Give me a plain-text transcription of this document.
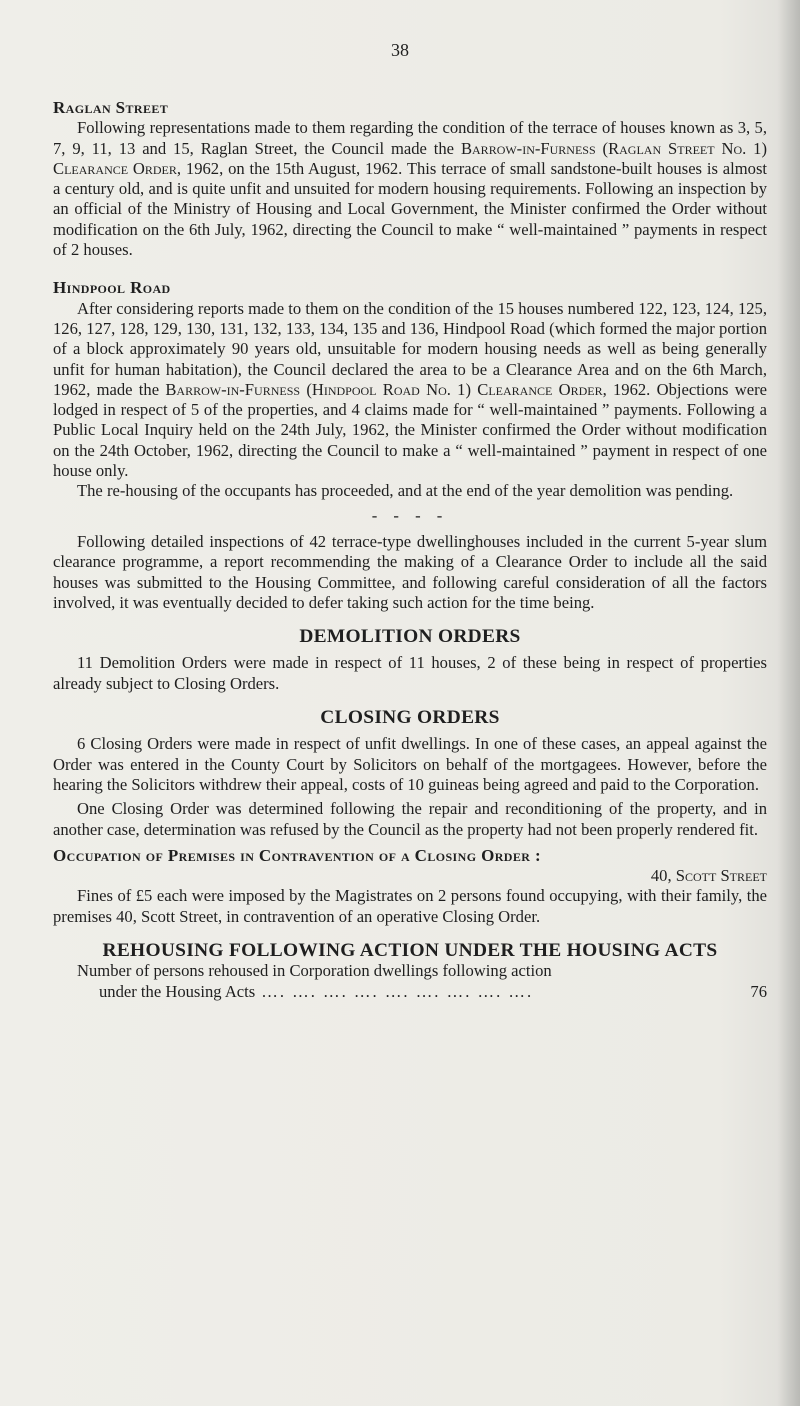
38
Raglan Street

Following representations made to them regarding the condition of the terrace of houses known as 3, 5, 7, 9, 11, 13 and 15, Raglan Street, the Council made the Barrow-in-Furness (Raglan Street No. 1) Clearance Order, 1962, on the 15th August, 1962. This terrace of small sandstone-built houses is almost a century old, and is quite unfit and unsuited for modern housing requirements. Following an inspection by an official of the Ministry of Housing and Local Government, the Minister confirmed the Order without modification on the 6th July, 1962, directing the Council to make “ well-maintained ” payments in respect of 2 houses.

Hindpool Road

After considering reports made to them on the condition of the 15 houses numbered 122, 123, 124, 125, 126, 127, 128, 129, 130, 131, 132, 133, 134, 135 and 136, Hindpool Road (which formed the major portion of a block approximately 90 years old, unsuitable for modern housing needs as well as being generally unfit for human habitation), the Council declared the area to be a Clearance Area and on the 6th March, 1962, made the Barrow-in-Furness (Hindpool Road No. 1) Clearance Order, 1962. Objections were lodged in respect of 5 of the properties, and 4 claims made for “ well-maintained ” payments. Following a Public Local Inquiry held on the 24th July, 1962, the Minister confirmed the Order without modification on the 24th October, 1962, directing the Council to make a “ well-maintained ” payment in respect of one house only.

The re-housing of the occupants has proceeded, and at the end of the year demolition was pending.

- - - -

Following detailed inspections of 42 terrace-type dwellinghouses included in the current 5-year slum clearance programme, a report recommending the making of a Clearance Order to include all the said houses was submitted to the Housing Committee, and following careful consideration of all the factors involved, it was eventually decided to defer taking such action for the time being.

DEMOLITION ORDERS

11 Demolition Orders were made in respect of 11 houses, 2 of these being in respect of properties already subject to Closing Orders.

CLOSING ORDERS

6 Closing Orders were made in respect of unfit dwellings. In one of these cases, an appeal against the Order was entered in the County Court by Solicitors on behalf of the mortgagees. However, before the hearing the Solicitors withdrew their appeal, costs of 10 guineas being agreed and paid to the Corporation.

One Closing Order was determined following the repair and reconditioning of the property, and in another case, determination was refused by the Council as the property had not been properly rendered fit.

Occupation of Premises in Contravention of a Closing Order :
40, Scott Street

Fines of £5 each were imposed by the Magistrates on 2 persons found occupying, with their family, the premises 40, Scott Street, in contravention of an operative Closing Order.

REHOUSING FOLLOWING ACTION UNDER THE HOUSING ACTS
Number of persons rehoused in Corporation dwellings following action
under the Housing Acts …. …. …. …. …. …. …. …. ….	76
